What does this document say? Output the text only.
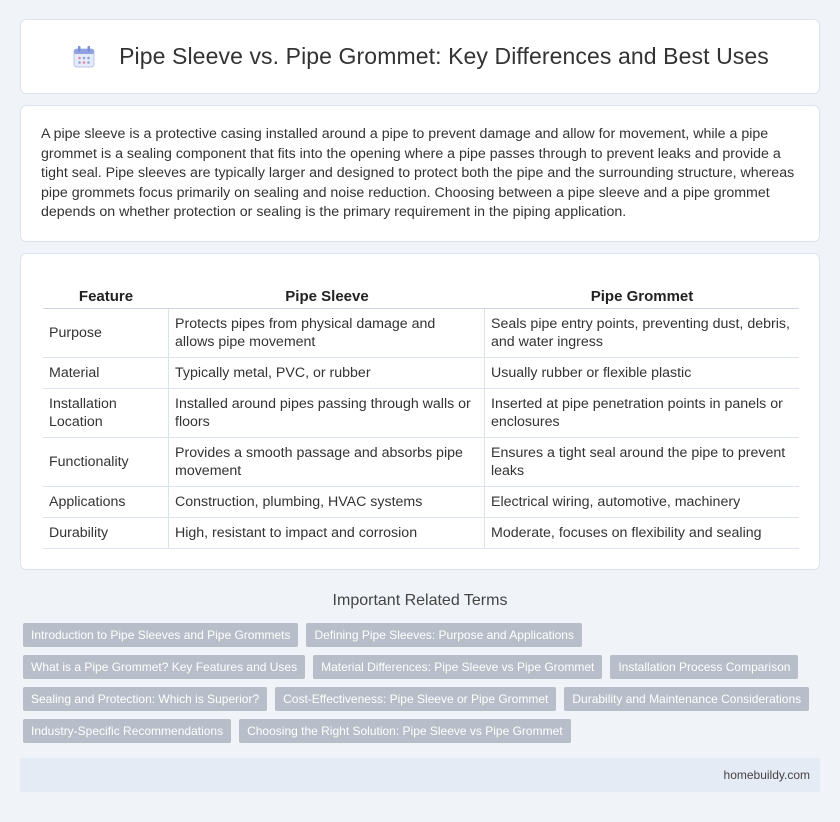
Pipe Sleeve vs. Pipe Grommet: Key Differences and Best Uses

A pipe sleeve is a protective casing installed around a pipe to prevent damage and allow for movement, while a pipe grommet is a sealing component that fits into the opening where a pipe passes through to prevent leaks and provide a tight seal. Pipe sleeves are typically larger and designed to protect both the pipe and the surrounding structure, whereas pipe grommets focus primarily on sealing and noise reduction. Choosing between a pipe sleeve and a pipe grommet depends on whether protection or sealing is the primary requirement in the piping application.

Feature	Pipe Sleeve	Pipe Grommet
Purpose	Protects pipes from physical damage and allows pipe movement	Seals pipe entry points, preventing dust, debris, and water ingress
Material	Typically metal, PVC, or rubber	Usually rubber or flexible plastic
Installation Location	Installed around pipes passing through walls or floors	Inserted at pipe penetration points in panels or enclosures
Functionality	Provides a smooth passage and absorbs pipe movement	Ensures a tight seal around the pipe to prevent leaks
Applications	Construction, plumbing, HVAC systems	Electrical wiring, automotive, machinery
Durability	High, resistant to impact and corrosion	Moderate, focuses on flexibility and sealing
Important Related Terms
Introduction to Pipe Sleeves and Pipe Grommets	Defining Pipe Sleeves: Purpose and Applications
What is a Pipe Grommet? Key Features and Uses	Material Differences: Pipe Sleeve vs Pipe Grommet	Installation Process Comparison
Sealing and Protection: Which is Superior?	Cost-Effectiveness: Pipe Sleeve or Pipe Grommet	Durability and Maintenance Considerations
Industry-Specific Recommendations	Choosing the Right Solution: Pipe Sleeve vs Pipe Grommet
homebuildy.com
